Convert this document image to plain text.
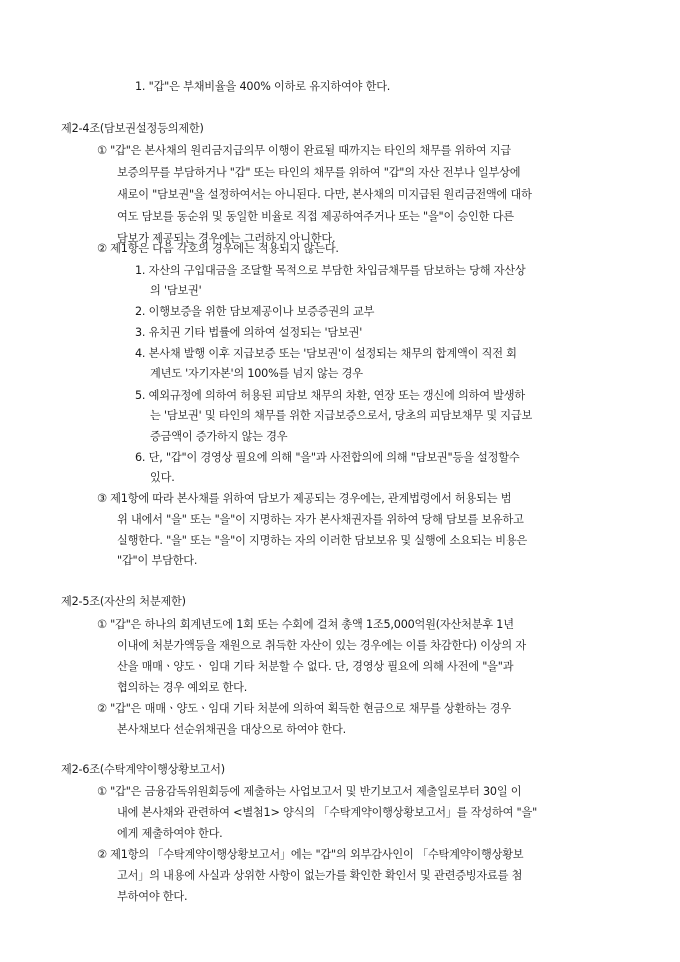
1. "갑"은 부채비율을 400% 이하로 유지하여야 한다.
제2-4조(담보권설정등의제한)
① "갑"은 본사채의 원리금지급의무 이행이 완료될 때까지는 타인의 채무를 위하여 지급
보증의무를 부담하거나 "갑" 또는 타인의 채무를 위하여 "갑"의 자산 전부나 일부상에
새로이 "담보권"을 설정하여서는 아니된다. 다만, 본사채의 미지급된 원리금전액에 대하
여도 담보를 동순위 및 동일한 비율로 직접 제공하여주거나 또는 "을"이 승인한 다른
담보가 제공되는 경우에는 그러하지 아니한다.
② 제1항은 다음 각호의 경우에는 적용되지 않는다.
1. 자산의 구입대금을 조달할 목적으로 부담한 차입금채무를 담보하는 당해 자산상
의 '담보권'
2. 이행보증을 위한 담보제공이나 보증증권의 교부
3. 유치권 기타 법률에 의하여 설정되는 '담보권'
4. 본사채 발행 이후 지급보증 또는 '담보권'이 설정되는 채무의 합계액이 직전 회
계년도 '자기자본'의 100%를 넘지 않는 경우
5. 예외규정에 의하여 허용된 피담보 채무의 차환, 연장 또는 갱신에 의하여 발생하
는 '담보권' 및 타인의 채무를 위한 지급보증으로서, 당초의 피담보채무 및 지급보
증금액이 증가하지 않는 경우
6. 단, "갑"이 경영상 필요에 의해 "을"과 사전합의에 의해 "담보권"등을 설정할수
있다.
③ 제1항에 따라 본사채를 위하여 담보가 제공되는 경우에는, 관계법령에서 허용되는 범
위 내에서 "을" 또는 "을"이 지명하는 자가 본사채권자를 위하여 당해 담보를 보유하고
실행한다. "을" 또는 "을"이 지명하는 자의 이러한 담보보유 및 실행에 소요되는 비용은
"갑"이 부담한다.
제2-5조(자산의 처분제한)
① "갑"은 하나의 회계년도에 1회 또는 수회에 걸쳐 총액 1조5,000억원(자산처분후 1년
이내에 처분가액등을 재원으로 취득한 자산이 있는 경우에는 이를 차감한다) 이상의 자
산을 매매ㆍ양도ㆍ 임대 기타 처분할 수 없다. 단, 경영상 필요에 의해 사전에 "을"과
협의하는 경우 예외로 한다.
② "갑"은 매매ㆍ양도ㆍ임대 기타 처분에 의하여 획득한 현금으로 채무를 상환하는 경우
본사채보다 선순위채권을 대상으로 하여야 한다.
제2-6조(수탁계약이행상황보고서)
① "갑"은 금융감독위원회등에 제출하는 사업보고서 및 반기보고서 제출일로부터 30일 이
내에 본사채와 관련하여 <별첨1> 양식의 「수탁계약이행상황보고서」를 작성하여 "을"
에게 제출하여야 한다.
② 제1항의 「수탁계약이행상황보고서」에는 "갑"의 외부감사인이 「수탁계약이행상황보
고서」의 내용에 사실과 상위한 사항이 없는가를 확인한 확인서 및 관련증빙자료를 첨
부하여야 한다.
